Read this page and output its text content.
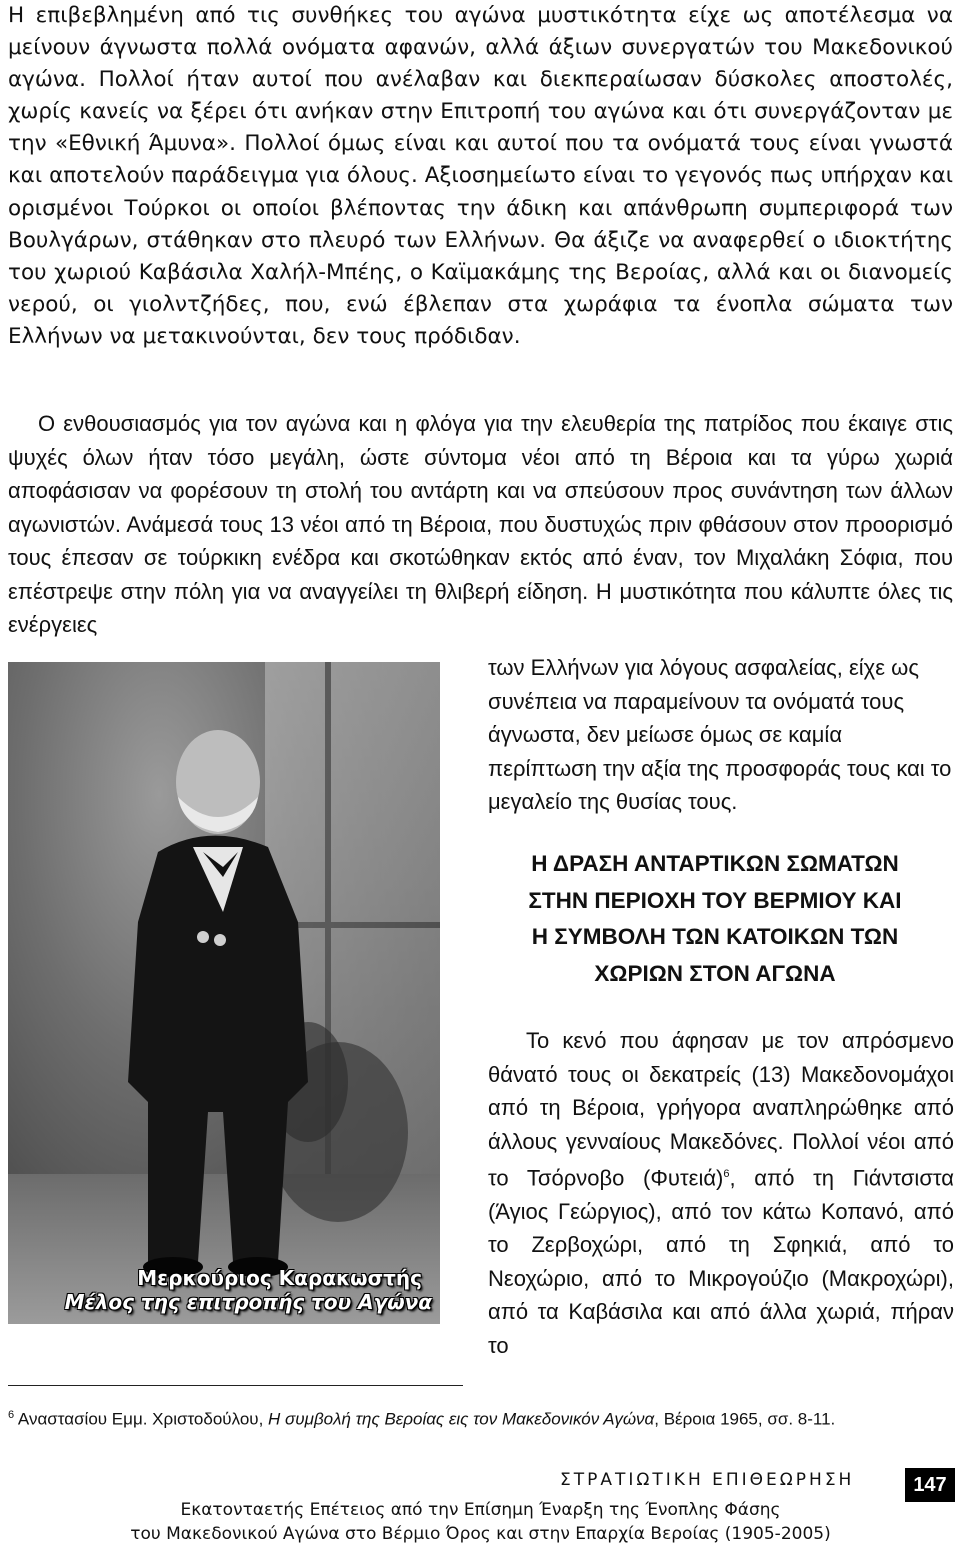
Η επιβεβλημένη από τις συνθήκες του αγώνα μυστικότητα είχε ως αποτέλεσμα να μείνουν άγνωστα πολλά ονόματα αφανών, αλλά άξιων συνεργατών του Μακεδονικού αγώνα. Πολλοί ήταν αυτοί που ανέλαβαν και διεκπεραίωσαν δύσκολες αποστολές, χωρίς κανείς να ξέρει ότι ανήκαν στην Επιτροπή του αγώνα και ότι συνεργάζονταν με την «Εθνική Άμυνα». Πολλοί όμως είναι και αυτοί που τα ονόματά τους είναι γνωστά και αποτελούν παράδειγμα για όλους. Αξιοσημείωτο είναι το γεγονός πως υπήρχαν και ορισμένοι Τούρκοι οι οποίοι βλέποντας την άδικη και απάνθρωπη συμπεριφορά των Βουλγάρων, στάθηκαν στο πλευρό των Ελλήνων. Θα άξιζε να αναφερθεί ο ιδιοκτήτης του χωριού Καβάσιλα Χαλήλ-Μπέης, ο Καϊμακάμης της Βεροίας, αλλά και οι διανομείς νερού, οι γιολντζήδες, που, ενώ έβλεπαν στα χωράφια τα ένοπλα σώματα των Ελλήνων να μετακινούνται, δεν τους πρόδιδαν.

Ο ενθουσιασμός για τον αγώνα και η φλόγα για την ελευθερία της πατρίδος που έκαιγε στις ψυχές όλων ήταν τόσο μεγάλη, ώστε σύντομα νέοι από τη Βέροια και τα γύρω χωριά αποφάσισαν να φορέσουν τη στολή του αντάρτη και να σπεύσουν προς συνάντηση των άλλων αγωνιστών. Ανάμεσά τους 13 νέοι από τη Βέροια, που δυστυχώς πριν φθάσουν στον προορισμό τους έπεσαν σε τούρκικη ενέδρα και σκοτώθηκαν εκτός από έναν, τον Μιχαλάκη Σόφια, που επέστρεψε στην πόλη για να αναγγείλει τη θλιβερή είδηση. Η μυστικότητα που κάλυπτε όλες τις ενέργειες

των Ελλήνων για λόγους ασφαλείας, είχε ως συνέπεια να παραμείνουν τα ονόματά τους άγνωστα, δεν μείωσε όμως σε καμία περίπτωση την αξία της προσφοράς τους και το μεγαλείο της θυσίας τους.

Μερκούριος Καρακωστής
Μέλος της επιτροπής του Αγώνα
Η ΔΡΑΣΗ ΑΝΤΑΡΤΙΚΩΝ ΣΩΜΑΤΩΝ
ΣΤΗΝ ΠΕΡΙΟΧΗ ΤΟΥ ΒΕΡΜΙΟΥ ΚΑΙ
Η ΣΥΜΒΟΛΗ ΤΩΝ ΚΑΤΟΙΚΩΝ ΤΩΝ
ΧΩΡΙΩΝ ΣΤΟΝ ΑΓΩΝΑ

Το κενό που άφησαν με τον απρόσμενο θάνατό τους οι δεκατρείς (13) Μακεδονομάχοι από τη Βέροια, γρήγορα αναπληρώθηκε από άλλους γενναίους Μακεδόνες. Πολλοί νέοι από το Τσόρνοβο $(\Phi\upsilon\tau\varepsilon\iota ά)^6$, από τη Γιάντσιστα (Άγιος Γεώργιος), από τον κάτω Κοπανό, από το Ζερβοχώρι, από τη Σφηκιά, από το Νεοχώριο, από το Μικρογούζιο (Μακροχώρι), από τα Καβάσιλα και από άλλα χωριά, πήραν το

$^6$ Αναστασίου Εμμ. Χριστοδούλου, Η συμβολή της Βεροίας εις τον Μακεδονικόν Αγώνα, Βέροια 1965, σσ. 8-11.

ΣΤΡΑΤΙΩΤΙΚΗ ΕΠΙΘΕΩΡΗΣΗ	147
Εκατονταετής Επέτειος από την Επίσημη Έναρξη της Ένοπλης Φάσης
του Μακεδονικού Αγώνα στο Βέρμιο Όρος και στην Επαρχία Βεροίας (1905-2005)
